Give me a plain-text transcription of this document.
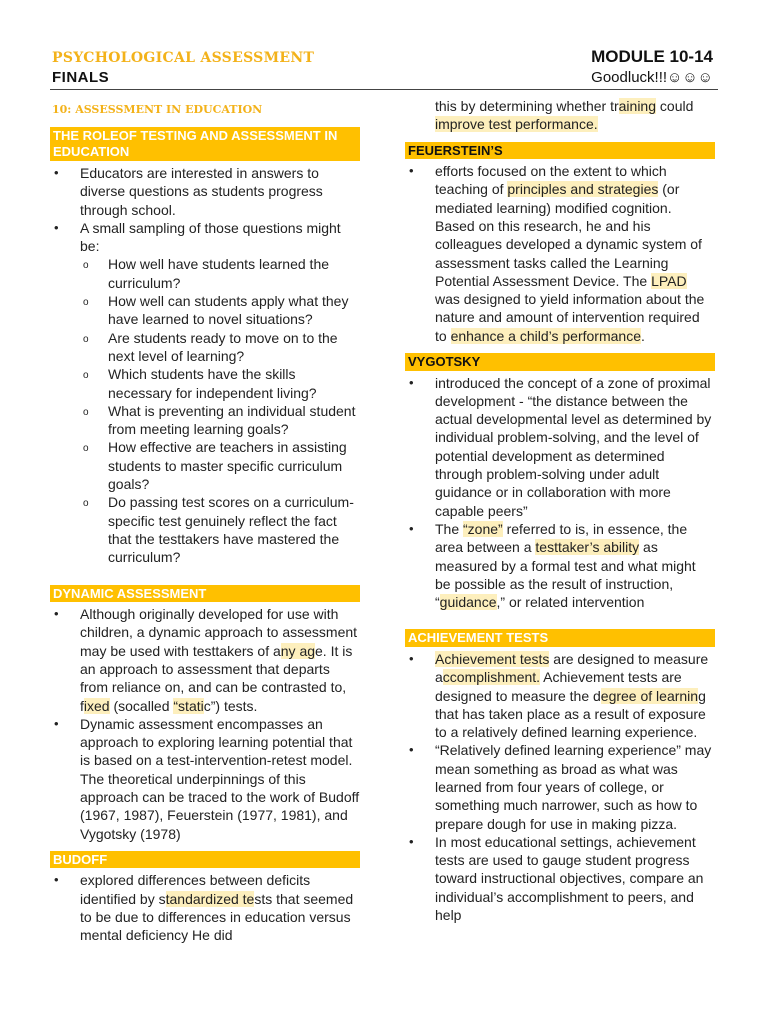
PSYCHOLOGICAL ASSESSMENT
FINALS
MODULE 10-14
Goodluck!!!☺☺☺
10: ASSESSMENT IN EDUCATION
THE ROLEOF TESTING AND ASSESSMENT IN EDUCATION
• Educators are interested in answers to diverse questions as students progress through school.
• A small sampling of those questions might be:
o How well have students learned the curriculum?
o How well can students apply what they have learned to novel situations?
o Are students ready to move on to the next level of learning?
o Which students have the skills necessary for independent living?
o What is preventing an individual student from meeting learning goals?
o How effective are teachers in assisting students to master specific curriculum goals?
o Do passing test scores on a curriculum-specific test genuinely reflect the fact that the testtakers have mastered the curriculum?
DYNAMIC ASSESSMENT
• Although originally developed for use with children, a dynamic approach to assessment may be used with testtakers of any age. It is an approach to assessment that departs from reliance on, and can be contrasted to, fixed (socalled “static”) tests.
• Dynamic assessment encompasses an approach to exploring learning potential that is based on a test-intervention-retest model. The theoretical underpinnings of this approach can be traced to the work of Budoff (1967, 1987), Feuerstein (1977, 1981), and Vygotsky (1978)
BUDOFF
• explored differences between deficits identified by standardized tests that seemed to be due to differences in education versus mental deficiency He did
this by determining whether training could improve test performance.
FEUERSTEIN’S
• efforts focused on the extent to which teaching of principles and strategies (or mediated learning) modified cognition. Based on this research, he and his colleagues developed a dynamic system of assessment tasks called the Learning Potential Assessment Device. The LPAD was designed to yield information about the nature and amount of intervention required to enhance a child’s performance.
VYGOTSKY
• introduced the concept of a zone of proximal development - “the distance between the actual developmental level as determined by individual problem-solving, and the level of potential development as determined through problem-solving under adult guidance or in collaboration with more capable peers”
• The “zone” referred to is, in essence, the area between a testtaker’s ability as measured by a formal test and what might be possible as the result of instruction, “guidance,” or related intervention
ACHIEVEMENT TESTS
• Achievement tests are designed to measure accomplishment. Achievement tests are designed to measure the degree of learning that has taken place as a result of exposure to a relatively defined learning experience.
• “Relatively defined learning experience” may mean something as broad as what was learned from four years of college, or something much narrower, such as how to prepare dough for use in making pizza.
• In most educational settings, achievement tests are used to gauge student progress toward instructional objectives, compare an individual’s accomplishment to peers, and help
